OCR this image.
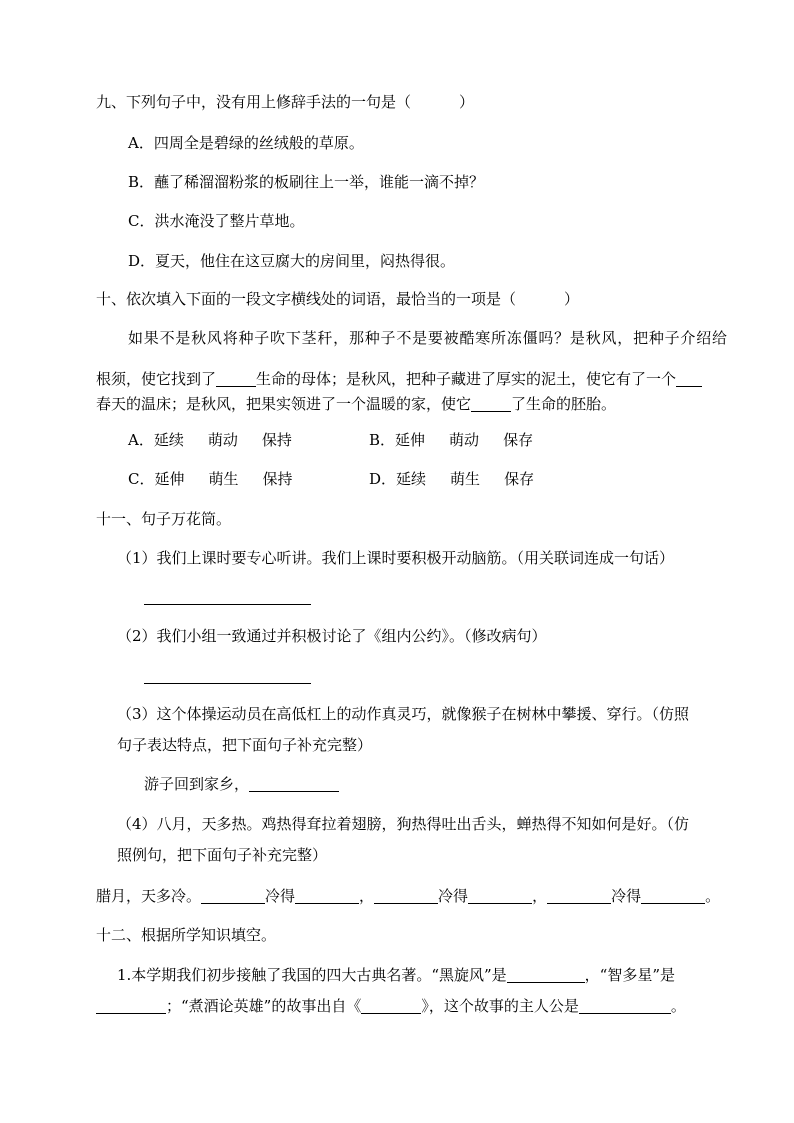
九、下列句子中，没有用上修辞手法的一句是（	）
A．四周全是碧绿的丝绒般的草原。
B．蘸了稀溜溜粉浆的板刷往上一举，谁能一滴不掉？
C．洪水淹没了整片草地。
D．夏天，他住在这豆腐大的房间里，闷热得很。
十、依次填入下面的一段文字横线处的词语，最恰当的一项是（	）
如果不是秋风将种子吹下茎秆，那种子不是要被酷寒所冻僵吗？是秋风，把种子介绍给
根须，使它找到了	生命的母体；是秋风，把种子藏进了厚实的泥土，使它有了一个
春天的温床；是秋风，把果实领进了一个温暖的家，使它	了生命的胚胎。
A．延续 萌动 保持	B．延伸 萌动 保存
C．延伸 萌生 保持	D．延续 萌生 保存
十一、句子万花筒。
（1）我们上课时要专心听讲。我们上课时要积极开动脑筋。（用关联词连成一句话）
（2）我们小组一致通过并积极讨论了《组内公约》。（修改病句）
（3）这个体操运动员在高低杠上的动作真灵巧，就像猴子在树林中攀援、穿行。（仿照
句子表达特点，把下面句子补充完整）
游子回到家乡，
（4）八月，天多热。鸡热得耷拉着翅膀，狗热得吐出舌头，蝉热得不知如何是好。（仿
照例句，把下面句子补充完整）
腊月，天多冷。	冷得	，	冷得	，	冷得	。
十二、根据所学知识填空。
1.本学期我们初步接触了我国的四大古典名著。“黑旋风”是	，“智多星”是
；“煮酒论英雄”的故事出自《	》，这个故事的主人公是	。
